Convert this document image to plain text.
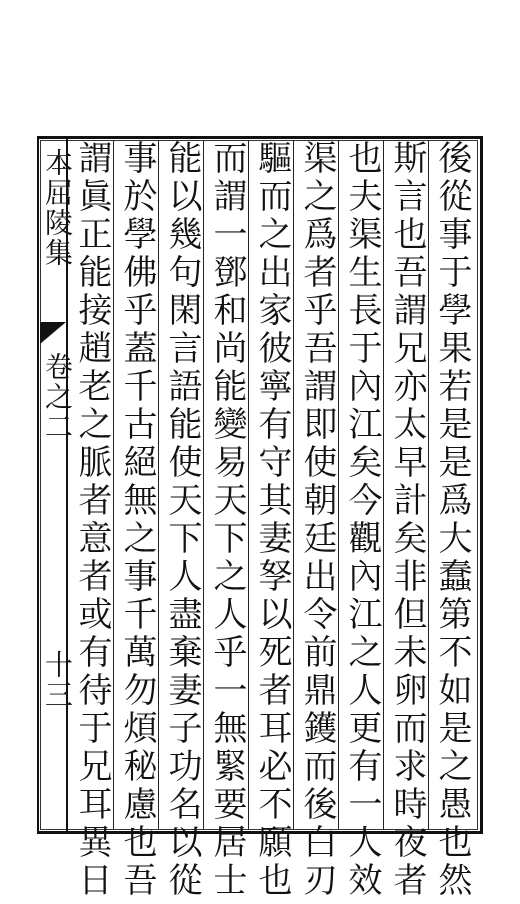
本屈陵集
卷之二
十三	後從事于學果若是是爲大蠢第不如是之愚也然
斯言也吾謂兄亦太早計矣非但未卵而求時夜者
也夫渠生長于內江矣今觀內江之人更有一人效
渠之爲者乎吾謂即使朝廷出令前鼎鑊而後白刃
驅而之出家彼寧有守其妻孥以死者耳必不願也
而謂一鄧和尚能變易天下之人乎一無緊要居士
能以幾句閑言語能使天下人盡棄妻子功名以從
事於學佛乎蓋千古絕無之事千萬勿煩秘慮也吾
謂眞正能接趙老之脈者意者或有待于兄耳異日
